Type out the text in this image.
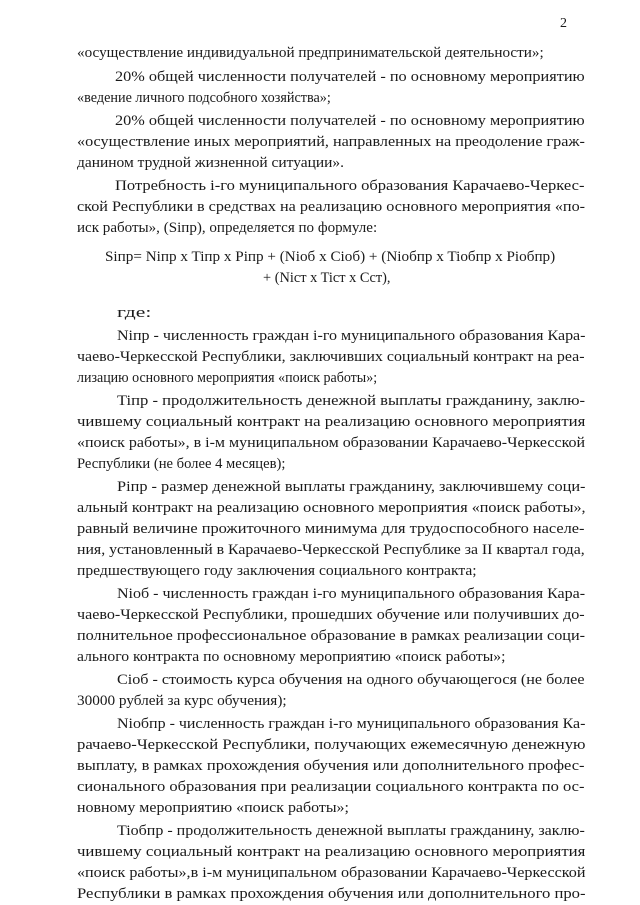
2
«осуществление индивидуальной предпринимательской деятельности»;
20% общей численности получателей - по основному мероприятию
«ведение личного подсобного хозяйства»;
20% общей численности получателей - по основному мероприятию
«осуществление иных мероприятий, направленных на преодоление граж-
данином трудной жизненной ситуации».
Потребность i-го муниципального образования Карачаево-Черкес-
ской Республики в средствах на реализацию основного мероприятия «по-
иск работы», (Siпр), определяется по формуле:
Siпр= Niпр x Tiпр x Piпр + (Niоб x Ciоб) + (Niобпр x Tiобпр x Piобпр)
+ (Niст x Tiст x Cст),
где:
Niпр - численность граждан i-го муниципального образования Кара-
чаево-Черкесской Республики, заключивших социальный контракт на реа-
лизацию основного мероприятия «поиск работы»;
Tiпр - продолжительность денежной выплаты гражданину, заклю-
чившему социальный контракт на реализацию основного мероприятия
«поиск работы», в i-м муниципальном образовании Карачаево-Черкесской
Республики (не более 4 месяцев);
Piпр - размер денежной выплаты гражданину, заключившему соци-
альный контракт на реализацию основного мероприятия «поиск работы»,
равный величине прожиточного минимума для трудоспособного населе-
ния, установленный в Карачаево-Черкесской Республике за II квартал года,
предшествующего году заключения социального контракта;
Niоб - численность граждан i-го муниципального образования Кара-
чаево-Черкесской Республики, прошедших обучение или получивших до-
полнительное профессиональное образование в рамках реализации соци-
ального контракта по основному мероприятию «поиск работы»;
Ciоб - стоимость курса обучения на одного обучающегося (не более
30000 рублей за курс обучения);
Niобпр - численность граждан i-го муниципального образования Ка-
рачаево-Черкесской Республики, получающих ежемесячную денежную
выплату, в рамках прохождения обучения или дополнительного профес-
сионального образования при реализации социального контракта по ос-
новному мероприятию «поиск работы»;
Tiобпр - продолжительность денежной выплаты гражданину, заклю-
чившему социальный контракт на реализацию основного мероприятия
«поиск работы»,в i-м муниципальном образовании Карачаево-Черкесской
Республики в рамках прохождения обучения или дополнительного про-
